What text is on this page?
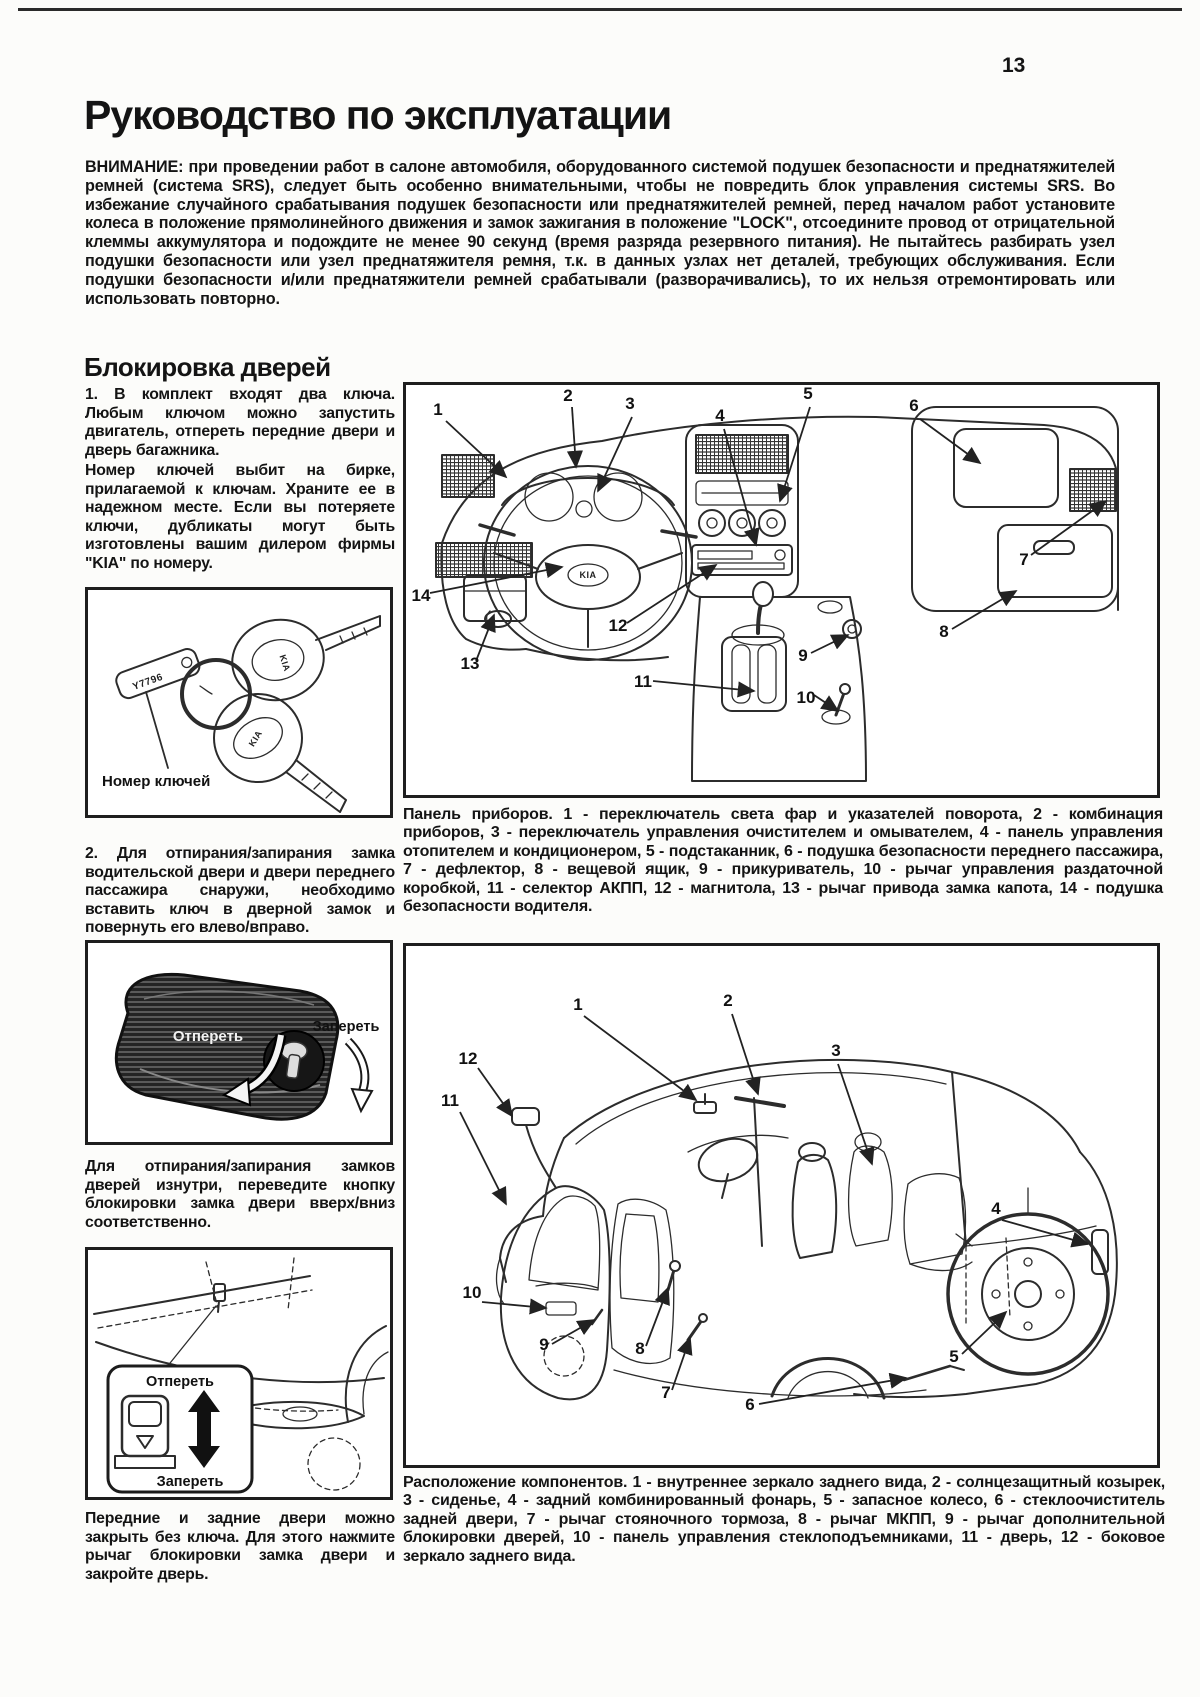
13
Руководство по эксплуатации
ВНИМАНИЕ: при проведении работ в салоне автомобиля, оборудованного системой подушек безопасности и преднатяжителей ремней (система SRS), следует быть особенно внимательными, чтобы не повредить блок управления системы SRS. Во избежание случайного срабатывания подушек безопасности или преднатяжителей ремней, перед началом работ установите колеса в положение прямолинейного движения и замок зажигания в положение "LOCK", отсоедините провод от отрицательной клеммы аккумулятора и подождите не менее 90 секунд (время разряда резервного питания). Не пытайтесь разбирать узел подушки безопасности или узел преднатяжителя ремня, т.к. в данных узлах нет деталей, требующих обслуживания. Если подушки безопасности и/или преднатяжители ремней срабатывали (разворачивались), то их нельзя отремонтировать или использовать повторно.
Блокировка дверей
1. В комплект входят два ключа. Любым ключом можно запустить двигатель, отпереть передние двери и дверь багажника.
Номер ключей выбит на бирке, прилагаемой к ключам. Храните ее в надежном месте. Если вы потеряете ключи, дубликаты могут быть изготовлены вашим дилером фирмы "KIA" по номеру.
Y7796
KIA
KIA
Номер ключей
2. Для отпирания/запирания замка водительской двери и двери переднего пассажира снаружи, необходимо вставить ключ в дверной замок и повернуть его влево/вправо.
Отпереть
Запереть
Для отпирания/запирания замков дверей изнутри, переведите кнопку блокировки замка двери вверх/вниз соответственно.
Отпереть
Запереть
Передние и задние двери можно закрыть без ключа. Для этого нажмите рычаг блокировки замка двери и закройте дверь.
KIA
1
2	3
4
5
6
7
8
9
10
11
12
13
14
Панель приборов. 1 - переключатель света фар и указателей поворота, 2 - комбинация приборов, 3 - переключатель управления очистителем и омывателем, 4 - панель управления отопителем и кондиционером, 5 - подстаканник, 6 - подушка безопасности переднего пассажира, 7 - дефлектор, 8 - вещевой ящик, 9 - прикуриватель, 10 - рычаг управления раздаточной коробкой, 11 - селектор АКПП, 12 - магнитола, 13 - рычаг привода замка капота, 14 - подушка безопасности водителя.
1	2
3
12
11
4
10
9	8
7
6
5
Расположение компонентов. 1 - внутреннее зеркало заднего вида, 2 - солнцезащитный козырек, 3 - сиденье, 4 - задний комбинированный фонарь, 5 - запасное колесо, 6 - стеклоочиститель задней двери, 7 - рычаг стояночного тормоза, 8 - рычаг МКПП, 9 - рычаг дополнительной блокировки дверей, 10 - панель управления стеклоподъемниками, 11 - дверь, 12 - боковое зеркало заднего вида.
